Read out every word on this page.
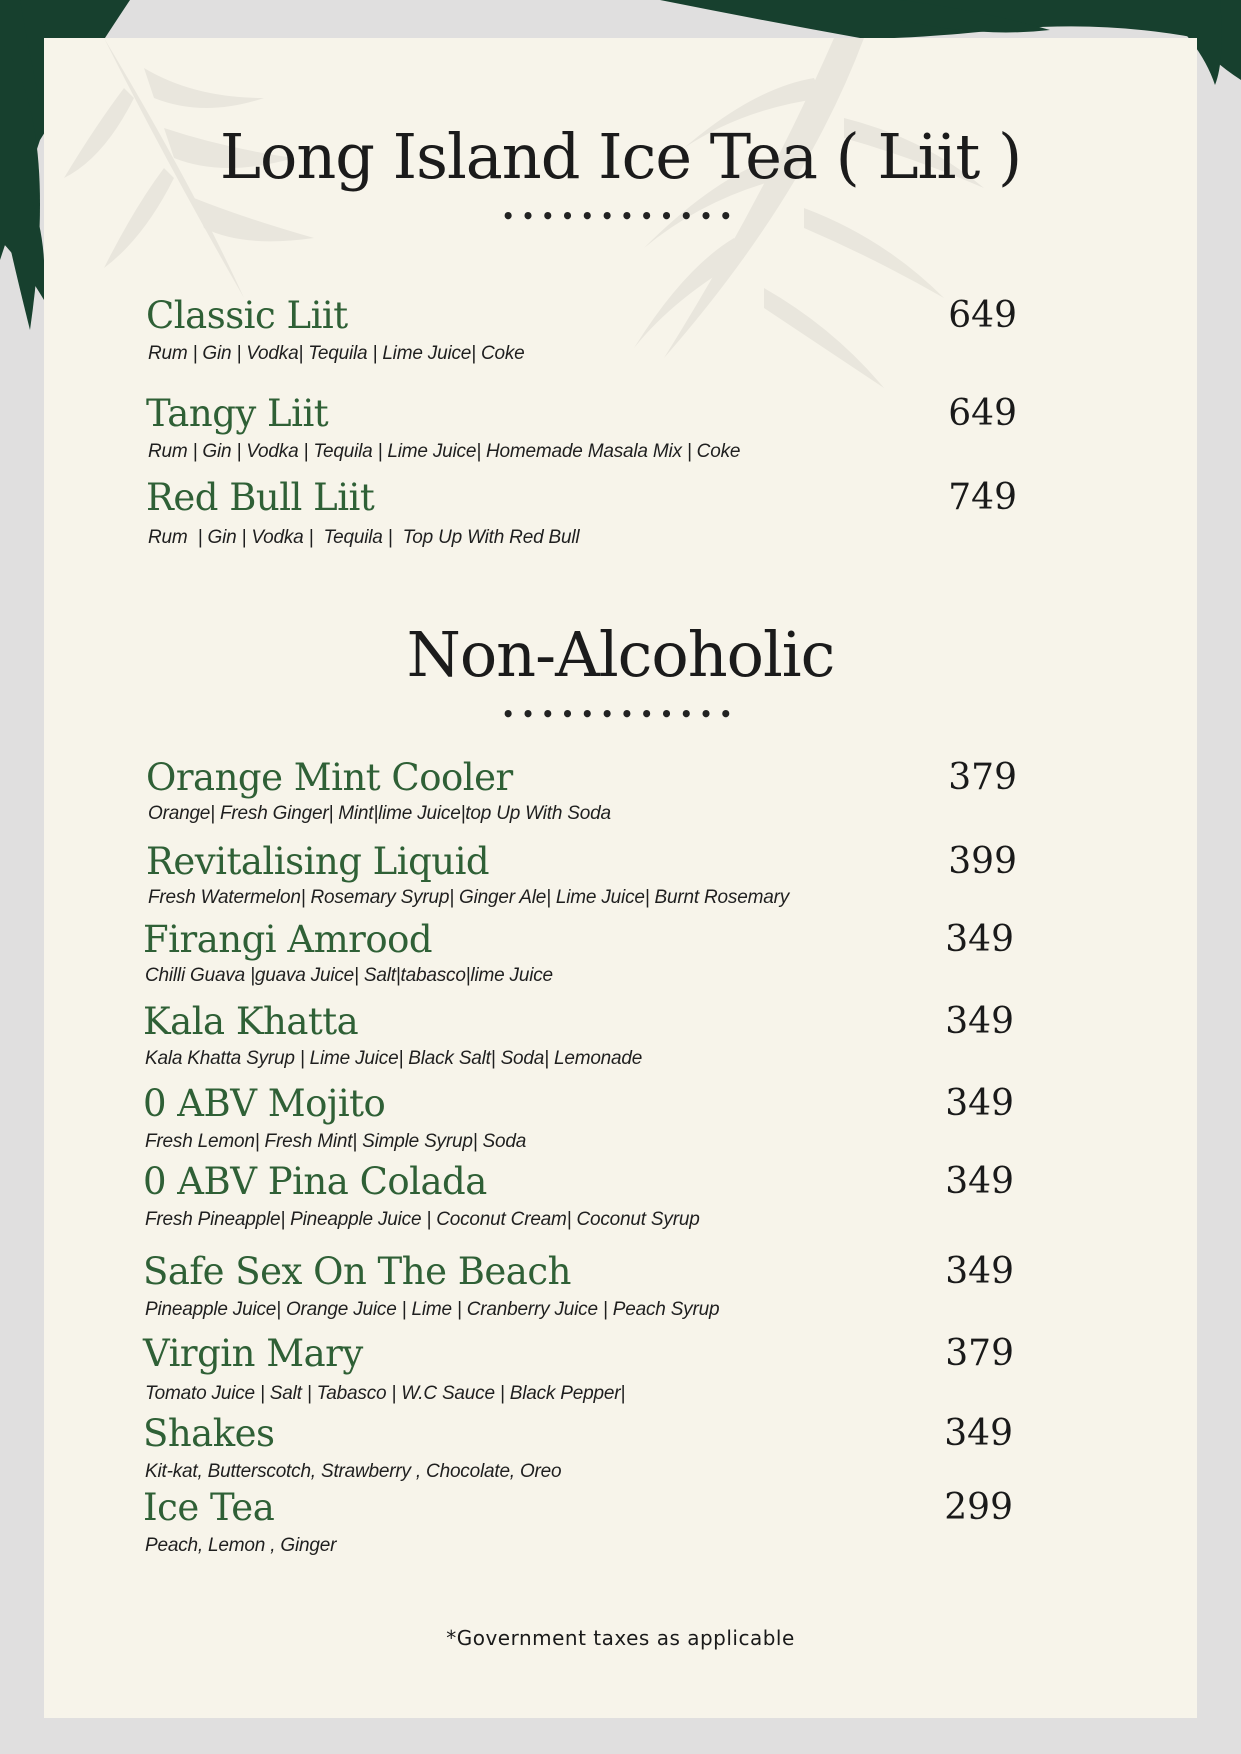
Long Island Ice Tea ( Liit )
••••••••••••
Classic Liit
Rum | Gin | Vodka| Tequila | Lime Juice| Coke
649
Tangy Liit
Rum | Gin | Vodka | Tequila | Lime Juice| Homemade Masala Mix | Coke
649
Red Bull Liit
Rum  | Gin | Vodka |  Tequila |  Top Up With Red Bull
749
Non-Alcoholic
••••••••••••
Orange Mint Cooler
Orange| Fresh Ginger| Mint|lime Juice|top Up With Soda
379
Revitalising Liquid
Fresh Watermelon| Rosemary Syrup| Ginger Ale| Lime Juice| Burnt Rosemary
399
Firangi Amrood
Chilli Guava |guava Juice| Salt|tabasco|lime Juice
349
Kala Khatta
Kala Khatta Syrup | Lime Juice| Black Salt| Soda| Lemonade
349
0 ABV Mojito
Fresh Lemon| Fresh Mint| Simple Syrup| Soda
349
0 ABV Pina Colada
Fresh Pineapple| Pineapple Juice | Coconut Cream| Coconut Syrup
349
Safe Sex On The Beach
Pineapple Juice| Orange Juice | Lime | Cranberry Juice | Peach Syrup
349
Virgin Mary
Tomato Juice | Salt | Tabasco | W.C Sauce | Black Pepper|
379
Shakes
Kit-kat, Butterscotch, Strawberry , Chocolate, Oreo
349
Ice Tea
Peach, Lemon , Ginger
299
*Government taxes as applicable
